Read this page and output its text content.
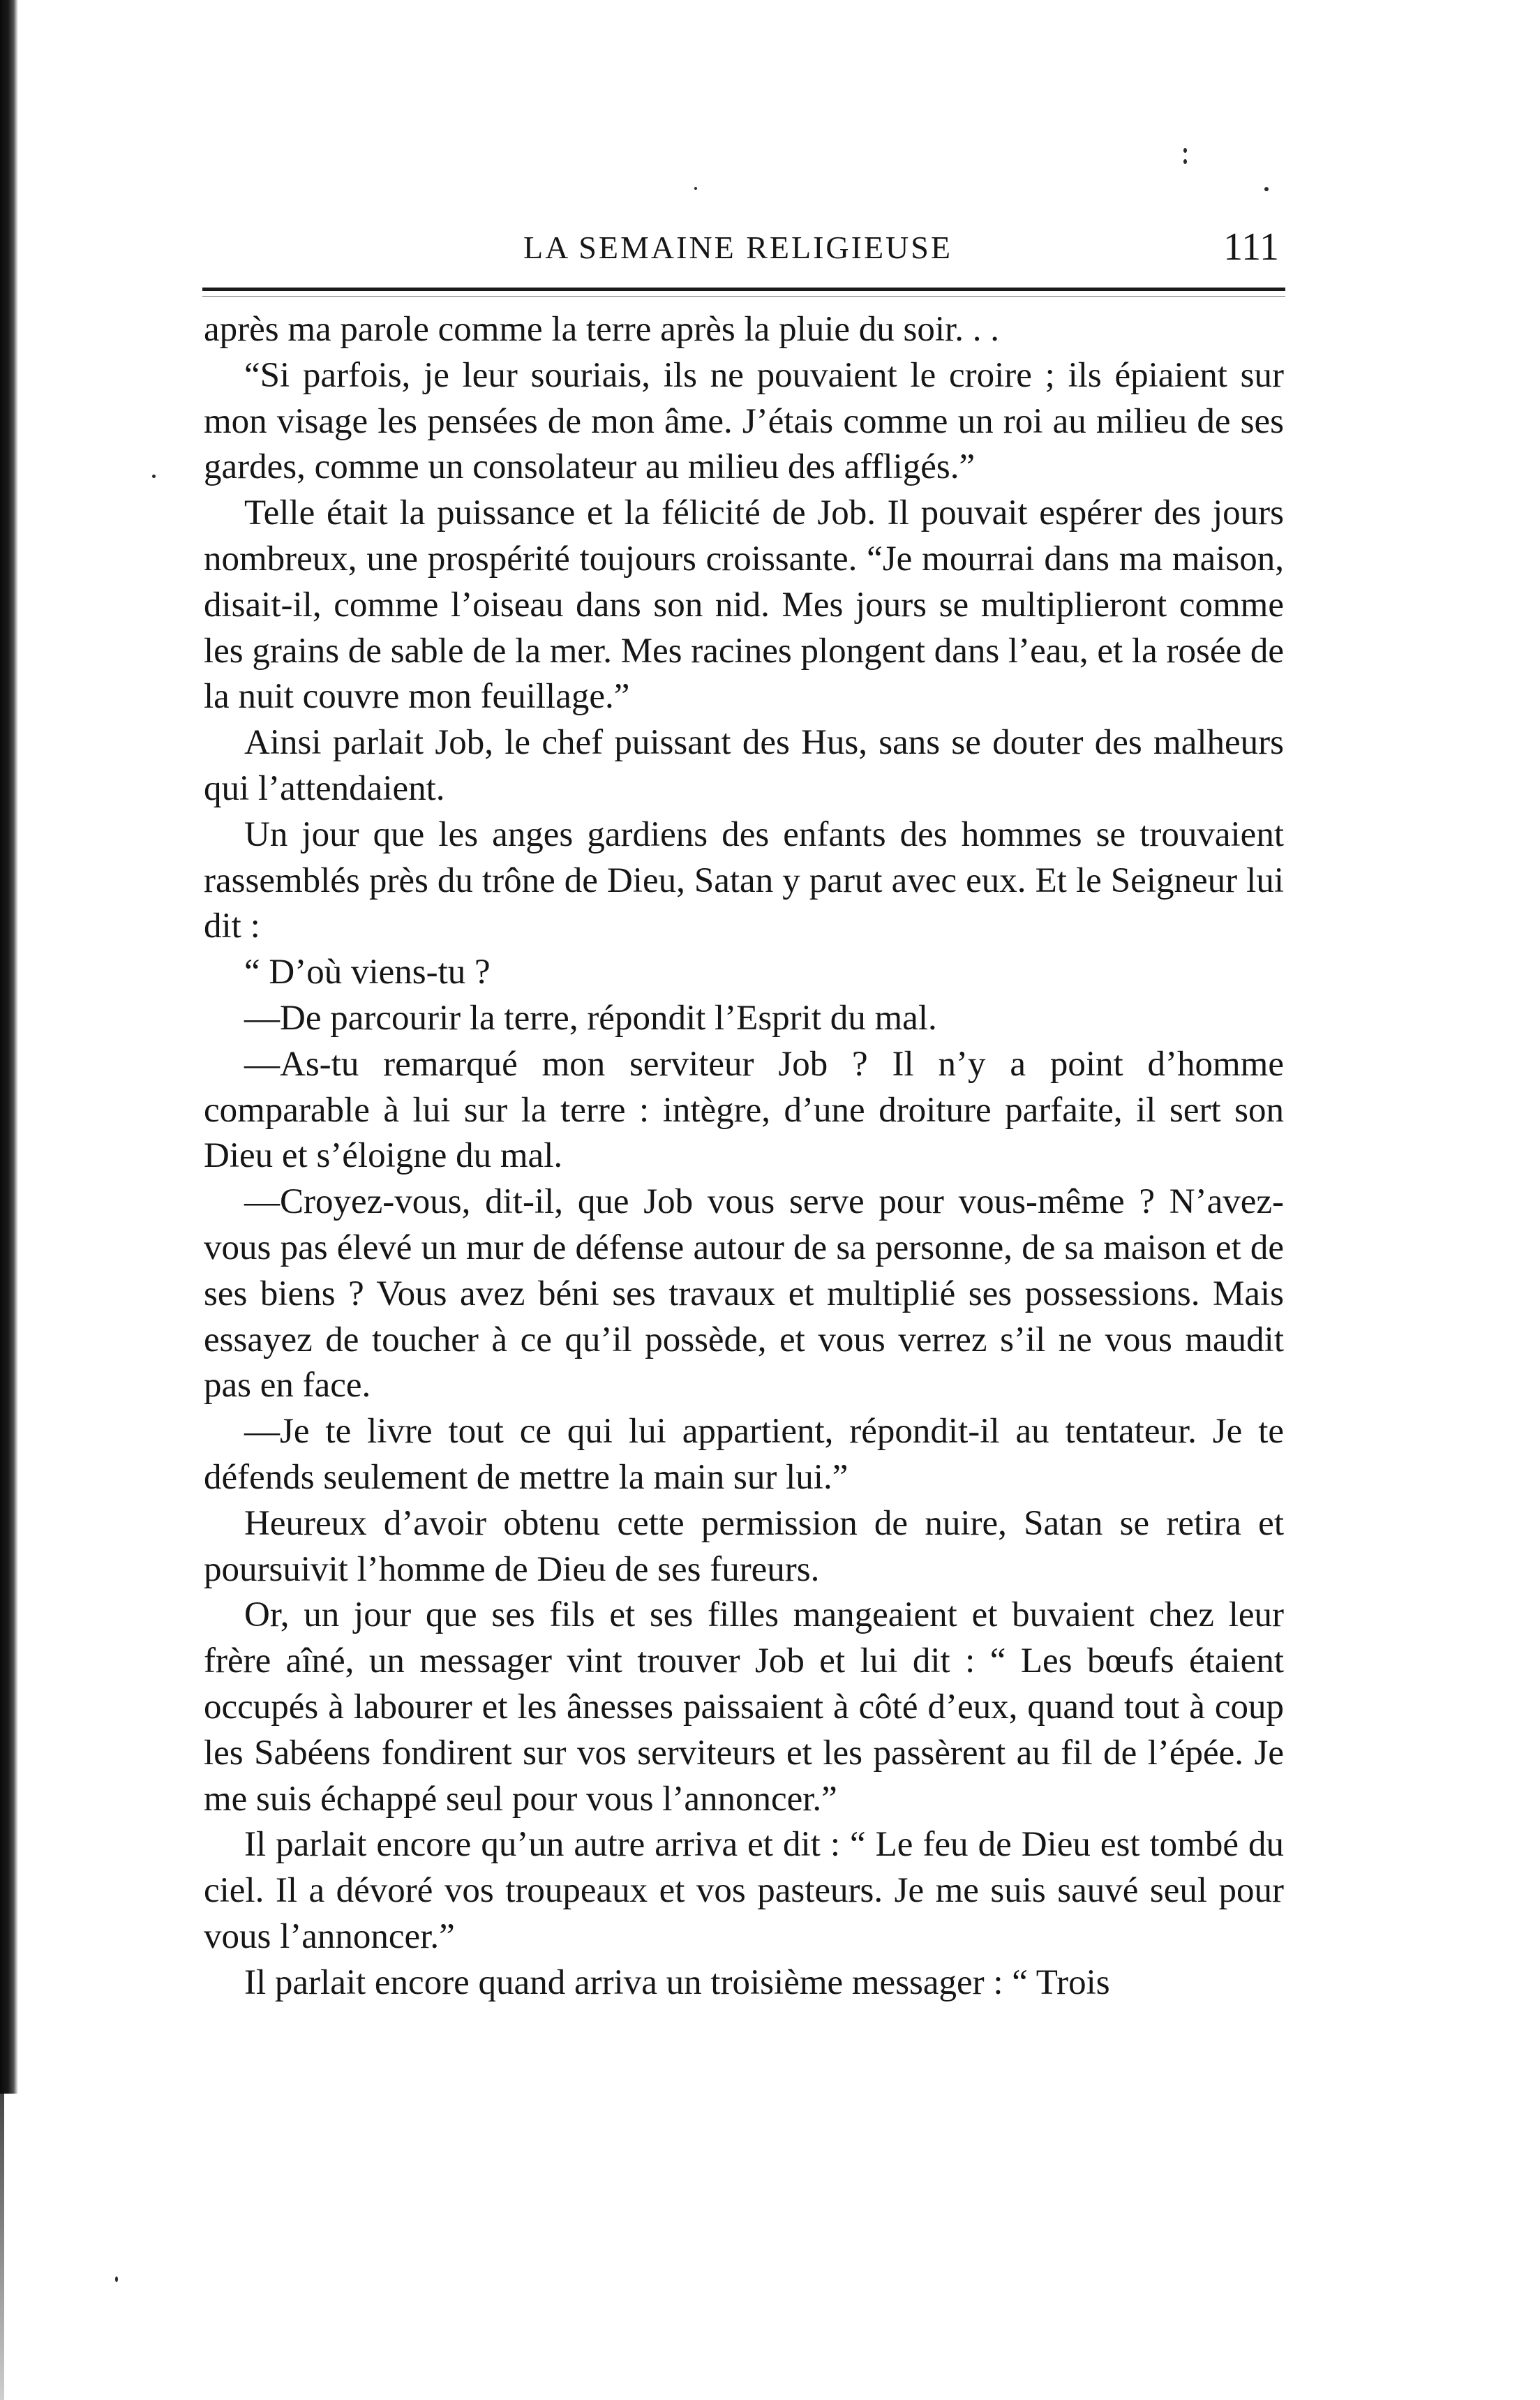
LA SEMAINE RELIGIEUSE	111

après ma parole comme la terre après la pluie du soir. . .

“Si parfois, je leur souriais, ils ne pouvaient le croire ; ils épiaient sur mon visage les pensées de mon âme. J’étais comme un roi au milieu de ses gardes, comme un consolateur au milieu des affligés.”

Telle était la puissance et la félicité de Job. Il pouvait espérer des jours nombreux, une prospérité toujours croissante. “Je mourrai dans ma maison, disait-il, comme l’oiseau dans son nid. Mes jours se multiplieront comme les grains de sable de la mer. Mes racines plongent dans l’eau, et la rosée de la nuit couvre mon feuillage.”

Ainsi parlait Job, le chef puissant des Hus, sans se douter des malheurs qui l’attendaient.

Un jour que les anges gardiens des enfants des hommes se trouvaient rassemblés près du trône de Dieu, Satan y parut avec eux. Et le Seigneur lui dit :

“ D’où viens-tu ?

—De parcourir la terre, répondit l’Esprit du mal.

—As-tu remarqué mon serviteur Job ? Il n’y a point d’homme comparable à lui sur la terre : intègre, d’une droiture parfaite, il sert son Dieu et s’éloigne du mal.

—Croyez-vous, dit-il, que Job vous serve pour vous-même ? N’avez-vous pas élevé un mur de défense autour de sa personne, de sa maison et de ses biens ? Vous avez béni ses travaux et multiplié ses possessions. Mais essayez de toucher à ce qu’il possède, et vous verrez s’il ne vous maudit pas en face.

—Je te livre tout ce qui lui appartient, répondit-il au tentateur. Je te défends seulement de mettre la main sur lui.”

Heureux d’avoir obtenu cette permission de nuire, Satan se retira et poursuivit l’homme de Dieu de ses fureurs.

Or, un jour que ses fils et ses filles mangeaient et buvaient chez leur frère aîné, un messager vint trouver Job et lui dit : “ Les bœufs étaient occupés à labourer et les ânesses paissaient à côté d’eux, quand tout à coup les Sabéens fondirent sur vos serviteurs et les passèrent au fil de l’épée. Je me suis échappé seul pour vous l’annoncer.”

Il parlait encore qu’un autre arriva et dit : “ Le feu de Dieu est tombé du ciel. Il a dévoré vos troupeaux et vos pasteurs. Je me suis sauvé seul pour vous l’annoncer.”

Il parlait encore quand arriva un troisième messager : “ Trois
